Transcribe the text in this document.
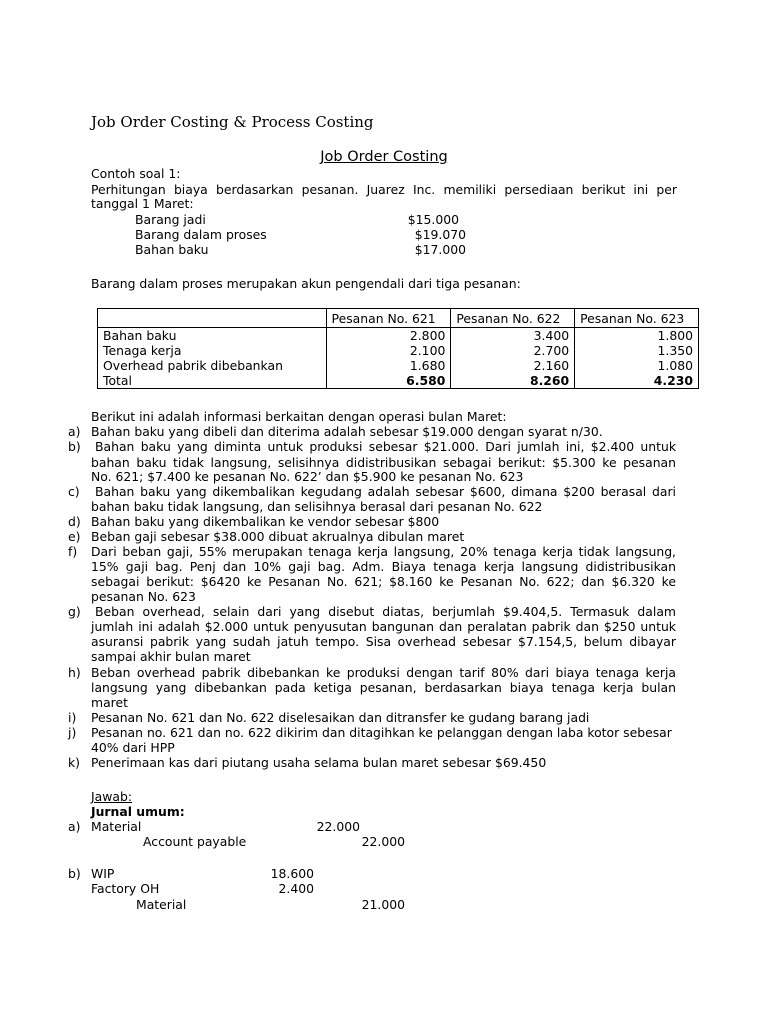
Job Order Costing & Process Costing
Job Order Costing
Contoh soal 1:
Perhitungan biaya berdasarkan pesanan. Juarez Inc. memiliki persediaan berikut ini per
tanggal 1 Maret:
Barang jadi	$15.000
Barang dalam proses	$19.070
Bahan baku	$17.000
Barang dalam proses merupakan akun pengendali dari tiga pesanan:
	Pesanan No. 621	Pesanan No. 622	Pesanan No. 623
Bahan baku	2.800	3.400	1.800
Tenaga kerja	2.100	2.700	1.350
Overhead pabrik dibebankan	1.680	2.160	1.080
Total	6.580	8.260	4.230
Berikut ini adalah informasi berkaitan dengan operasi bulan Maret:
a) Bahan baku yang dibeli dan diterima adalah sebesar $19.000 dengan syarat n/30.
b) Bahan baku yang diminta untuk produksi sebesar $21.000. Dari jumlah ini, $2.400 untuk
bahan baku tidak langsung, selisihnya didistribusikan sebagai berikut: $5.300 ke pesanan
No. 621; $7.400 ke pesanan No. 622’ dan $5.900 ke pesanan No. 623
c) Bahan baku yang dikembalikan kegudang adalah sebesar $600, dimana $200 berasal dari
bahan baku tidak langsung, dan selisihnya berasal dari pesanan No. 622
d) Bahan baku yang dikembalikan ke vendor sebesar $800
e) Beban gaji sebesar $38.000 dibuat akrualnya dibulan maret
f) Dari beban gaji, 55% merupakan tenaga kerja langsung, 20% tenaga kerja tidak langsung,
15% gaji bag. Penj dan 10% gaji bag. Adm. Biaya tenaga kerja langsung didistribusikan
sebagai berikut: $6420 ke Pesanan No. 621; $8.160 ke Pesanan No. 622; dan $6.320 ke
pesanan No. 623
g) Beban overhead, selain dari yang disebut diatas, berjumlah $9.404,5. Termasuk dalam
jumlah ini adalah $2.000 untuk penyusutan bangunan dan peralatan pabrik dan $250 untuk
asuransi pabrik yang sudah jatuh tempo. Sisa overhead sebesar $7.154,5, belum dibayar
sampai akhir bulan maret
h) Beban overhead pabrik dibebankan ke produksi dengan tarif 80% dari biaya tenaga kerja
langsung yang dibebankan pada ketiga pesanan, berdasarkan biaya tenaga kerja bulan
maret
i) Pesanan No. 621 dan No. 622 diselesaikan dan ditransfer ke gudang barang jadi
j) Pesanan no. 621 dan no. 622 dikirim dan ditagihkan ke pelanggan dengan laba kotor sebesar
40% dari HPP
k) Penerimaan kas dari piutang usaha selama bulan maret sebesar $69.450
Jawab:
Jurnal umum:
a) Material	22.000
Account payable	22.000
b) WIP	18.600
Factory OH	2.400
Material	21.000
